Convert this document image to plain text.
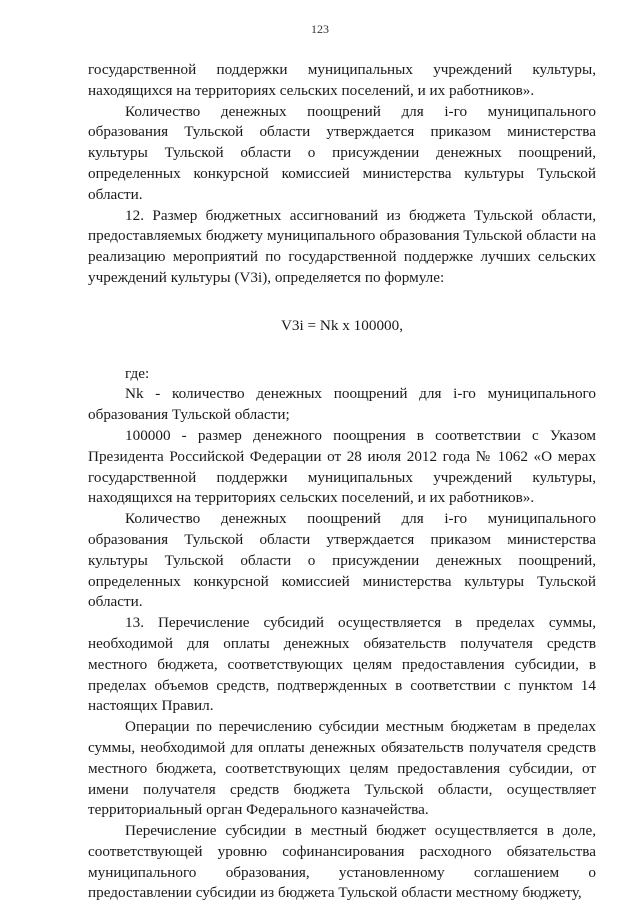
123

государственной поддержки муниципальных учреждений культуры, находящихся на территориях сельских поселений, и их работников».

Количество денежных поощрений для i-го муниципального образования Тульской области утверждается приказом министерства культуры Тульской области о присуждении денежных поощрений, определенных конкурсной комиссией министерства культуры Тульской области.

12. Размер бюджетных ассигнований из бюджета Тульской области, предоставляемых бюджету муниципального образования Тульской области на реализацию мероприятий по государственной поддержке лучших сельских учреждений культуры (V3i), определяется по формуле:

V3i = Nk x 100000,

где:

Nk - количество денежных поощрений для i-го муниципального образования Тульской области;

100000 - размер денежного поощрения в соответствии с Указом Президента Российской Федерации от 28 июля 2012 года № 1062 «О мерах государственной поддержки муниципальных учреждений культуры, находящихся на территориях сельских поселений, и их работников».

Количество денежных поощрений для i-го муниципального образования Тульской области утверждается приказом министерства культуры Тульской области о присуждении денежных поощрений, определенных конкурсной комиссией министерства культуры Тульской области.

13. Перечисление субсидий осуществляется в пределах суммы, необходимой для оплаты денежных обязательств получателя средств местного бюджета, соответствующих целям предоставления субсидии, в пределах объемов средств, подтвержденных в соответствии с пунктом 14 настоящих Правил.

Операции по перечислению субсидии местным бюджетам в пределах суммы, необходимой для оплаты денежных обязательств получателя средств местного бюджета, соответствующих целям предоставления субсидии, от имени получателя средств бюджета Тульской области, осуществляет территориальный орган Федерального казначейства.

Перечисление субсидии в местный бюджет осуществляется в доле, соответствующей уровню софинансирования расходного обязательства муниципального образования, установленному соглашением о предоставлении субсидии из бюджета Тульской области местному бюджету,
